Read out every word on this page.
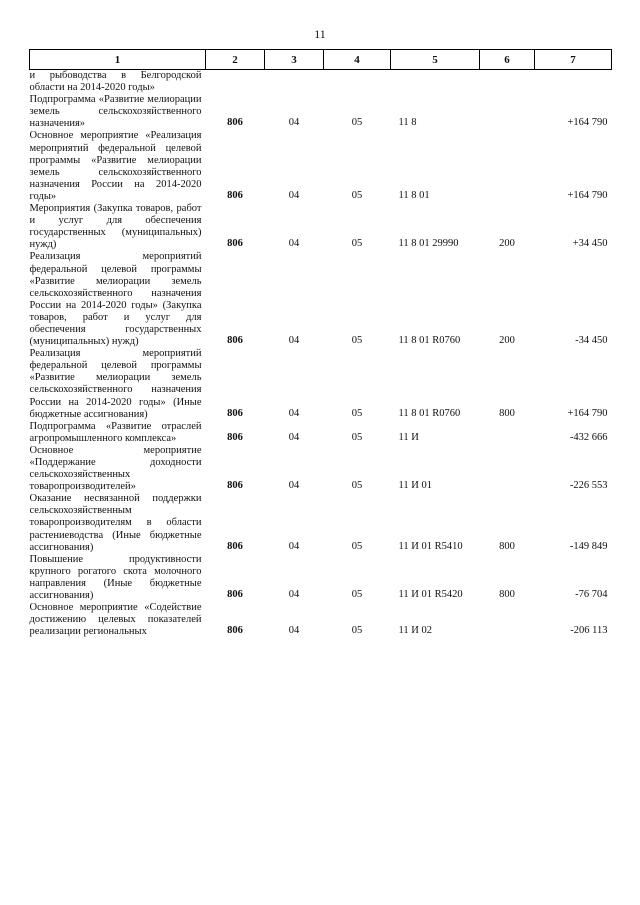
11
1	2	3	4	5	6	7
и рыбоводства в Белгородской области на 2014-2020 годы»						
Подпрограмма «Развитие мелиорации земель сельскохозяйственного назначения»	806	04	05	11 8		+164 790
Основное мероприятие «Реализация мероприятий федеральной целевой программы «Развитие мелиорации земель сельскохозяйственного назначения России на 2014-2020 годы»	806	04	05	11 8 01		+164 790
Мероприятия (Закупка товаров, работ и услуг для обеспечения государственных (муниципальных) нужд)	806	04	05	11 8 01 29990	200	+34 450
Реализация мероприятий федеральной целевой программы «Развитие мелиорации земель сельскохозяйственного назначения России на 2014-2020 годы» (Закупка товаров, работ и услуг для обеспечения государственных (муниципальных) нужд)	806	04	05	11 8 01 R0760	200	-34 450
Реализация мероприятий федеральной целевой программы «Развитие мелиорации земель сельскохозяйственного назначения России на 2014-2020 годы» (Иные бюджетные ассигнования)	806	04	05	11 8 01 R0760	800	+164 790
Подпрограмма «Развитие отраслей агропромышленного комплекса»	806	04	05	11 И		-432 666
Основное мероприятие «Поддержание доходности сельскохозяйственных товаропроизводителей»	806	04	05	11 И 01		-226 553
Оказание несвязанной поддержки сельскохозяйственным товаропроизводителям в области растениеводства (Иные бюджетные ассигнования)	806	04	05	11 И 01 R5410	800	-149 849
Повышение продуктивности крупного рогатого скота молочного направления (Иные бюджетные ассигнования)	806	04	05	11 И 01 R5420	800	-76 704
Основное мероприятие «Содействие достижению целевых показателей реализации региональных	806	04	05	11 И 02		-206 113
